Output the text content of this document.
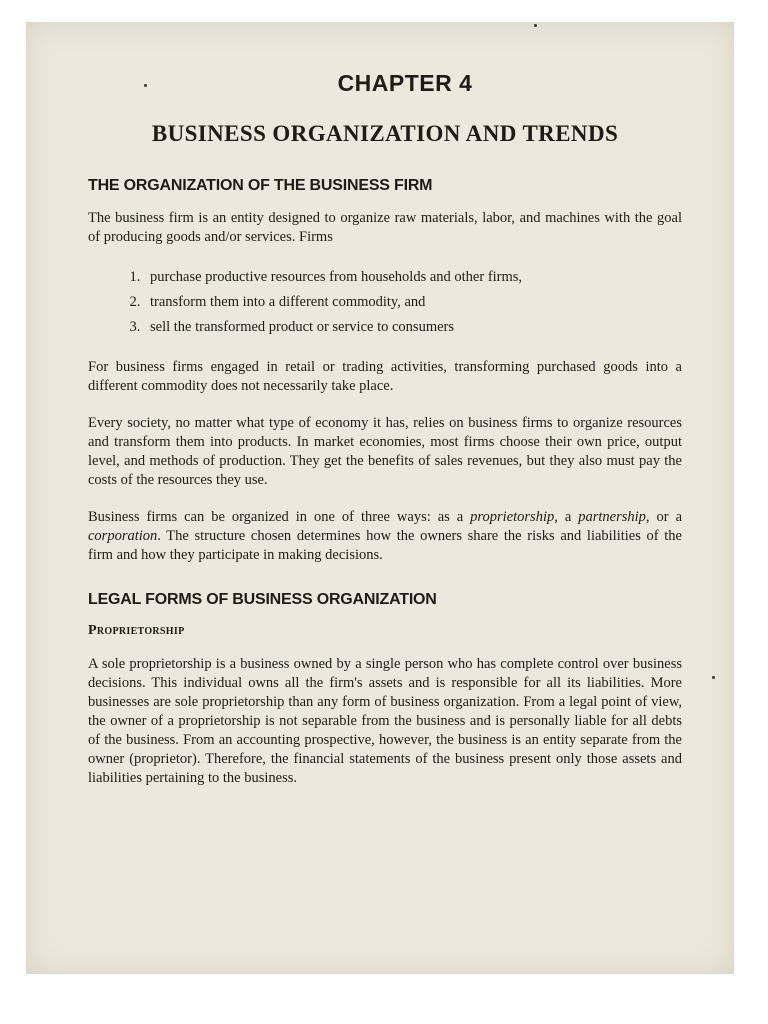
CHAPTER 4
BUSINESS ORGANIZATION AND TRENDS
THE ORGANIZATION OF THE BUSINESS FIRM

The business firm is an entity designed to organize raw materials, labor, and machines with the goal of producing goods and/or services. Firms

1. purchase productive resources from households and other firms,
2. transform them into a different commodity, and
3. sell the transformed product or service to consumers

For business firms engaged in retail or trading activities, transforming purchased goods into a different commodity does not necessarily take place.

Every society, no matter what type of economy it has, relies on business firms to organize resources and transform them into products. In market economies, most firms choose their own price, output level, and methods of production. They get the benefits of sales revenues, but they also must pay the costs of the resources they use.

Business firms can be organized in one of three ways: as a proprietorship, a partnership, or a corporation. The structure chosen determines how the owners share the risks and liabilities of the firm and how they participate in making decisions.

LEGAL FORMS OF BUSINESS ORGANIZATION
Proprietorship

A sole proprietorship is a business owned by a single person who has complete control over business decisions. This individual owns all the firm's assets and is responsible for all its liabilities. More businesses are sole proprietorship than any form of business organization. From a legal point of view, the owner of a proprietorship is not separable from the business and is personally liable for all debts of the business. From an accounting prospective, however, the business is an entity separate from the owner (proprietor). Therefore, the financial statements of the business present only those assets and liabilities pertaining to the business.
